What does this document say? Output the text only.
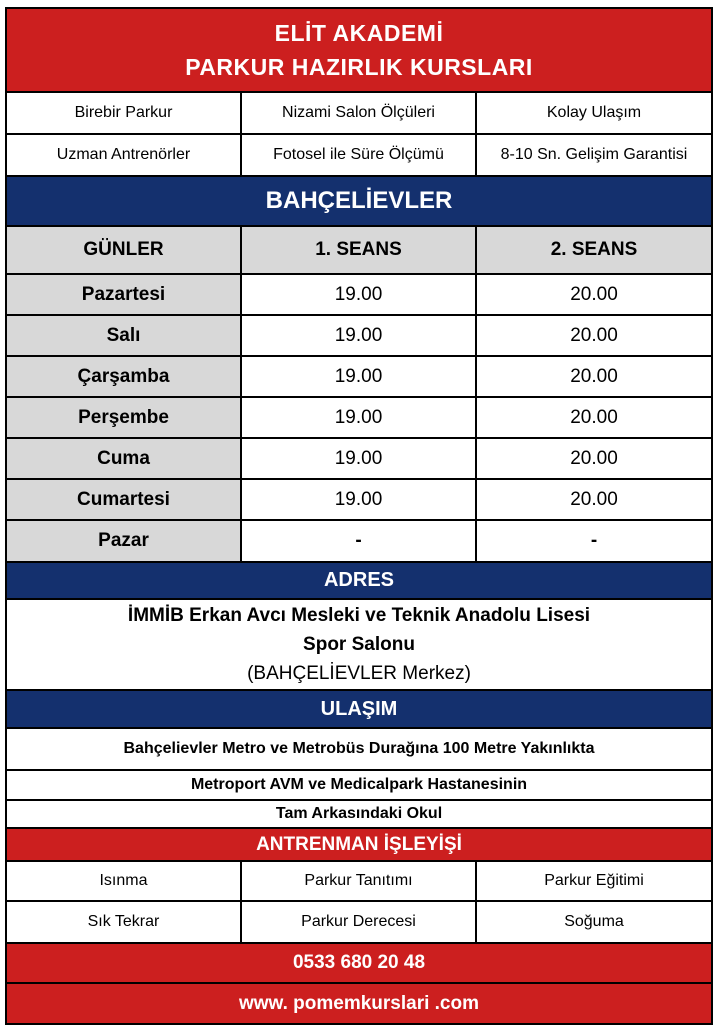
ELİT AKADEMİ
PARKUR HAZIRLIK KURSLARI
Birebir Parkur	Nizami Salon Ölçüleri	Kolay Ulaşım
Uzman Antrenörler	Fotosel ile Süre Ölçümü	8-10 Sn. Gelişim Garantisi
BAHÇELİEVLER
GÜNLER	1. SEANS	2. SEANS
Pazartesi	19.00	20.00
Salı	19.00	20.00
Çarşamba	19.00	20.00
Perşembe	19.00	20.00
Cuma	19.00	20.00
Cumartesi	19.00	20.00
Pazar	-	-
ADRES
İMMİB Erkan Avcı Mesleki ve Teknik Anadolu Lisesi
Spor Salonu
(BAHÇELİEVLER Merkez)
ULAŞIM
Bahçelievler Metro ve Metrobüs Durağına 100 Metre Yakınlıkta
Metroport AVM ve Medicalpark Hastanesinin
Tam Arkasındaki Okul
ANTRENMAN İŞLEYİŞİ
Isınma	Parkur Tanıtımı	Parkur Eğitimi
Sık Tekrar	Parkur Derecesi	Soğuma
0533 680 20 48
www. pomemkurslari .com
